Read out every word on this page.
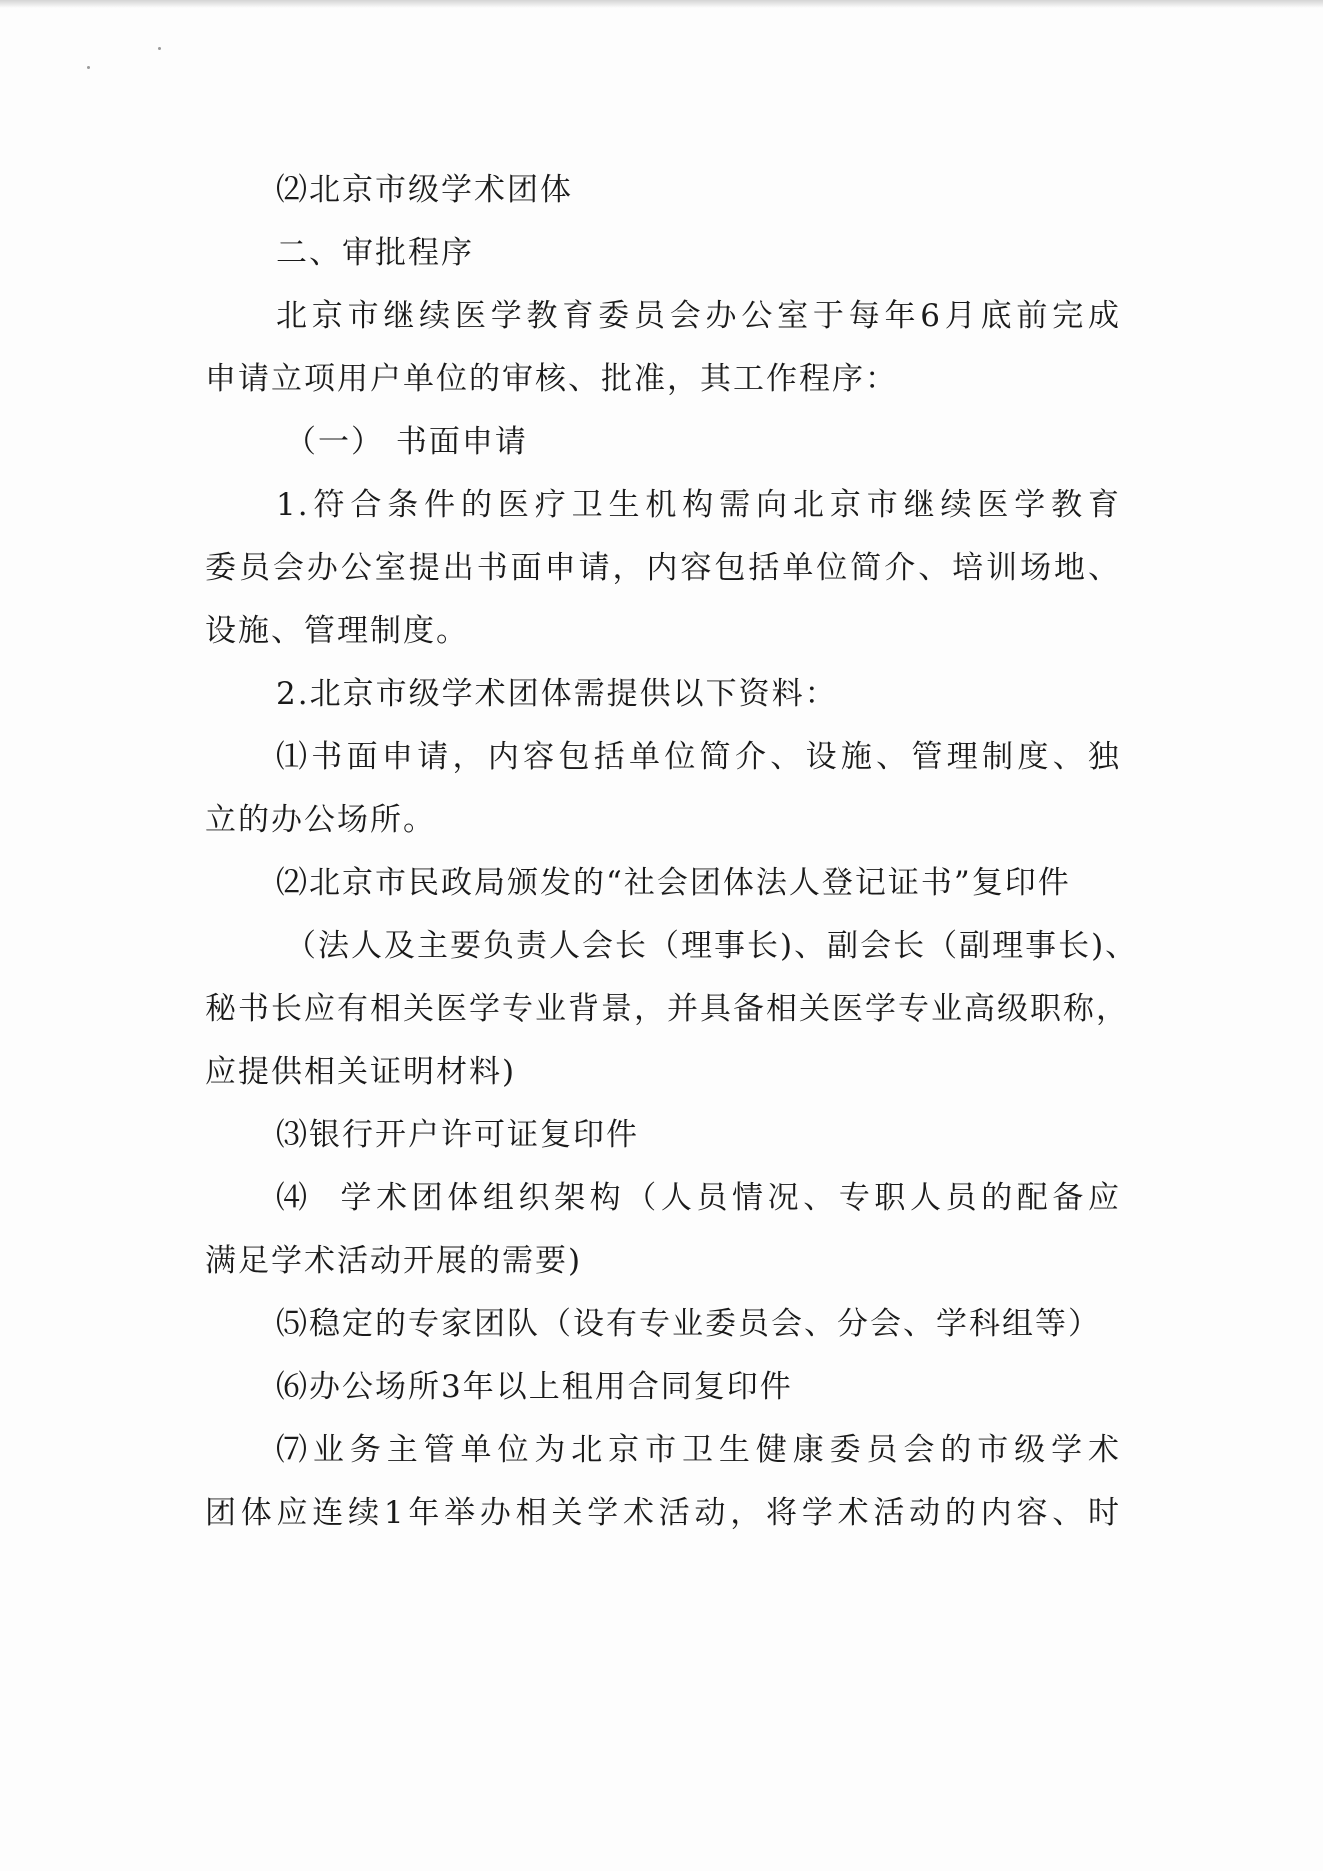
⑵北京市级学术团体
二、审批程序
北京市继续医学教育委员会办公室于每年6月底前完成
申请立项用户单位的审核、批准，其工作程序：
（一） 书面申请
1.符合条件的医疗卫生机构需向北京市继续医学教育
委员会办公室提出书面申请，内容包括单位简介、培训场地、
设施、管理制度。
2.北京市级学术团体需提供以下资料：
⑴书面申请，内容包括单位简介、设施、管理制度、独
立的办公场所。
⑵北京市民政局颁发的“社会团体法人登记证书”复印件
（法人及主要负责人会长（理事长)、副会长（副理事长)、
秘书长应有相关医学专业背景，并具备相关医学专业高级职称，
应提供相关证明材料)
⑶银行开户许可证复印件
⑷  学术团体组织架构（人员情况、专职人员的配备应
满足学术活动开展的需要)
⑸稳定的专家团队（设有专业委员会、分会、学科组等）
⑹办公场所3年以上租用合同复印件
⑺业务主管单位为北京市卫生健康委员会的市级学术
团体应连续1年举办相关学术活动，将学术活动的内容、时
